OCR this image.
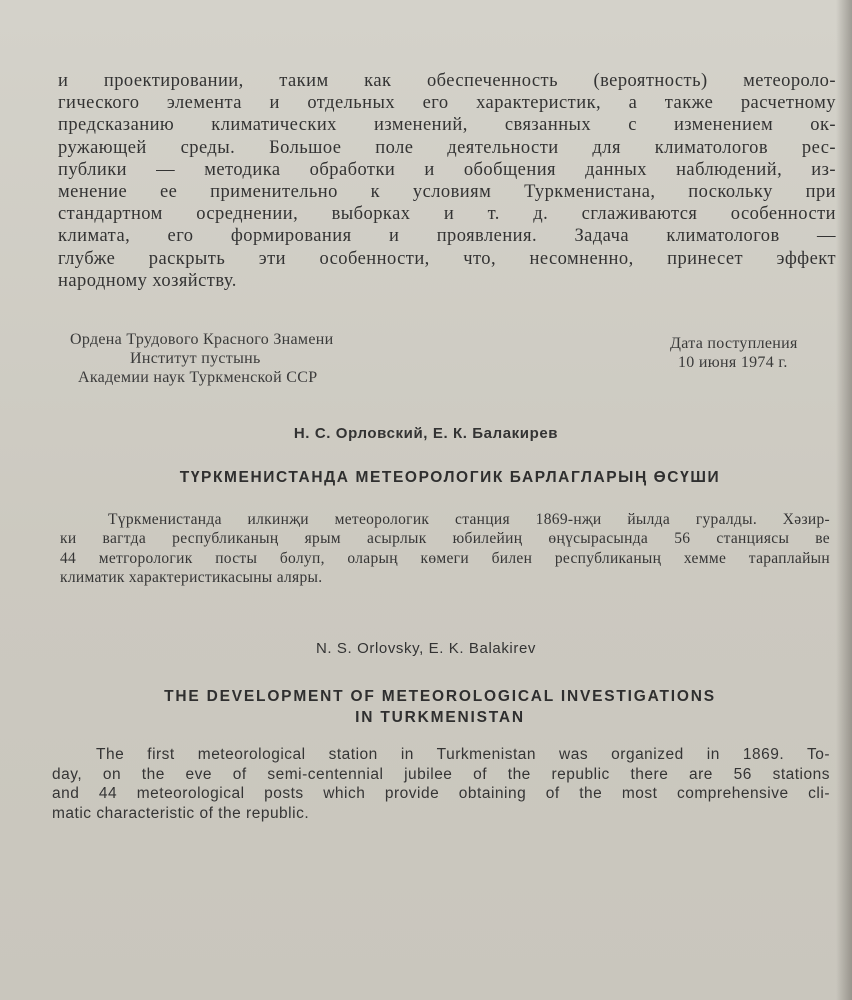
и проектировании, таким как обеспеченность (вероятность) метеороло-
гического элемента и отдельных его характеристик, а также расчетному
предсказанию климатических изменений, связанных с изменением ок-
ружающей среды. Большое поле деятельности для климатологов рес-
публики — методика обработки и обобщения данных наблюдений, из-
менение ее применительно к условиям Туркменистана, поскольку при
стандартном осреднении, выборках и т. д. сглаживаются особенности
климата, его формирования и проявления. Задача климатологов —
глубже раскрыть эти особенности, что, несомненно, принесет эффект
народному хозяйству.

Ордена Трудового Красного Знамени
Институт пустынь
Академии наук Туркменской ССР
Дата поступления
10 июня 1974 г.
Н. С. Орловский, Е. К. Балакирев
ТҮРКМЕНИСТАНДА МЕТЕОРОЛОГИК БАРЛАГЛАРЫҢ ӨСҮШИ

Түркменистанда илкинҗи метеорологик станция 1869-нҗи йылда гуралды. Хәзир-
ки вагтда республиканың ярым асырлык юбилейиң өңүсырасында 56 станциясы ве
44 метгорологик посты болуп, оларың көмеги билен республиканың хемме тараплайын
климатик характеристикасыны аляры.

N. S. Orlovsky, E. K. Balakirev
THE DEVELOPMENT OF METEOROLOGICAL INVESTIGATIONS
IN TURKMENISTAN

The first meteorological station in Turkmenistan was organized in 1869. To-
day, on the eve of semi-centennial jubilee of the republic there are 56 stations
and 44 meteorological posts which provide obtaining of the most comprehensive cli-
matic characteristic of the republic.
